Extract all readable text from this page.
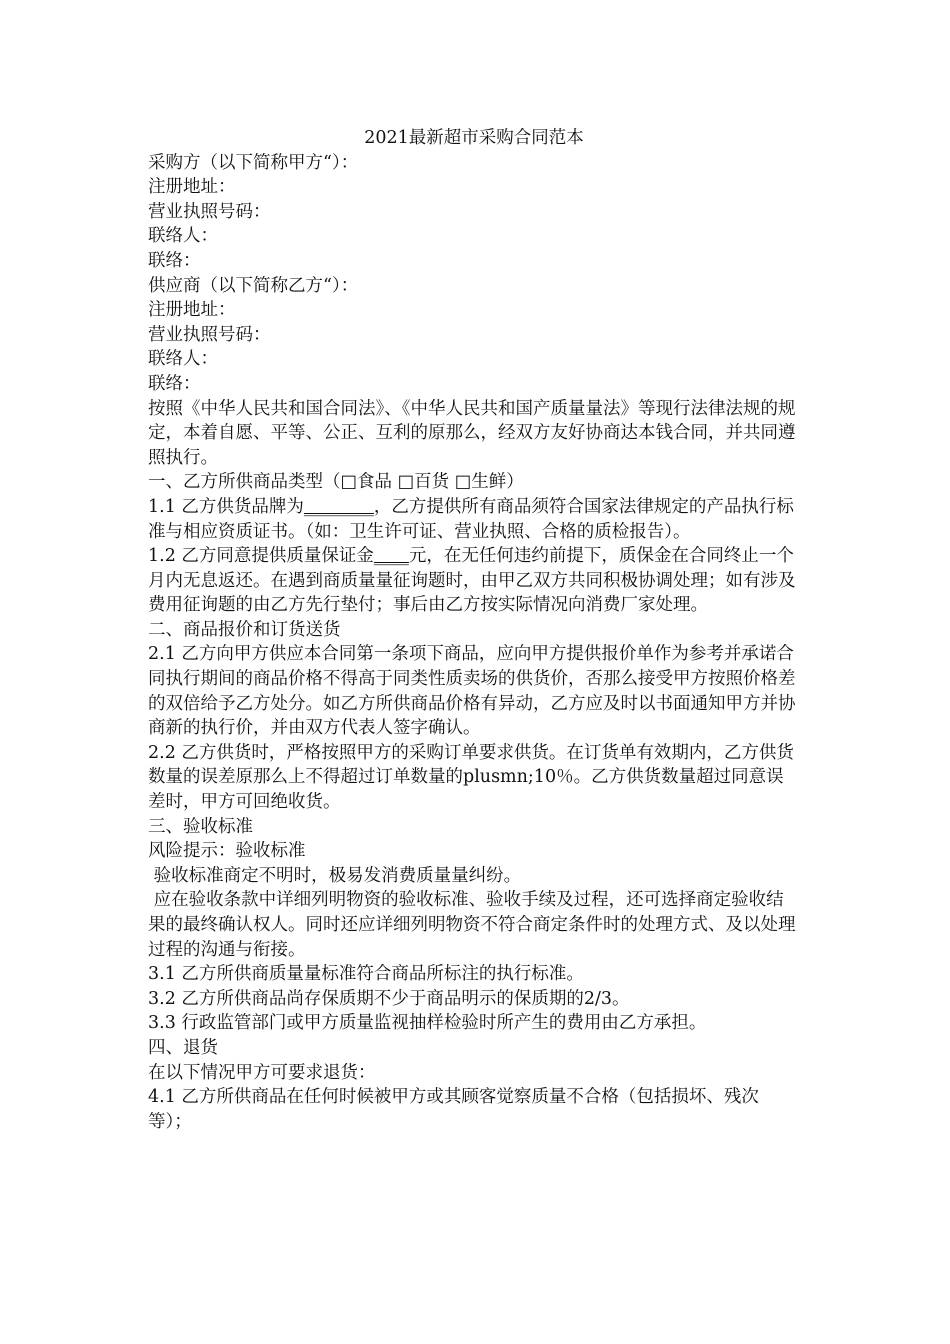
2021最新超市采购合同范本

采购方（以下简称甲方“）：

注册地址：

营业执照号码：

联络人：

联络：

供应商（以下简称乙方“）：

注册地址：

营业执照号码：

联络人：

联络：

按照《中华人民共和国合同法》、《中华人民共和国产质量量法》等现行法律法规的规定，本着自愿、平等、公正、互利的原那么，经双方友好协商达本钱合同，并共同遵照执行。

一、乙方所供商品类型（□食品 □百货 □生鲜）

1.1 乙方供货品牌为________，乙方提供所有商品须符合国家法律规定的产品执行标准与相应资质证书。（如：卫生许可证、营业执照、合格的质检报告）。

1.2 乙方同意提供质量保证金____元，在无任何违约前提下，质保金在合同终止一个月内无息返还。在遇到商质量量征询题时，由甲乙双方共同积极协调处理；如有涉及费用征询题的由乙方先行垫付；事后由乙方按实际情况向消费厂家处理。

二、商品报价和订货送货

2.1 乙方向甲方供应本合同第一条项下商品，应向甲方提供报价单作为参考并承诺合同执行期间的商品价格不得高于同类性质卖场的供货价，否那么接受甲方按照价格差的双倍给予乙方处分。如乙方所供商品价格有异动，乙方应及时以书面通知甲方并协商新的执行价，并由双方代表人签字确认。

2.2 乙方供货时，严格按照甲方的采购订单要求供货。在订货单有效期内，乙方供货数量的误差原那么上不得超过订单数量的plusmn;10％。乙方供货数量超过同意误差时，甲方可回绝收货。

三、验收标准

风险提示：验收标准

验收标准商定不明时，极易发消费质量量纠纷。

应在验收条款中详细列明物资的验收标准、验收手续及过程，还可选择商定验收结果的最终确认权人。同时还应详细列明物资不符合商定条件时的处理方式、及以处理过程的沟通与衔接。

3.1 乙方所供商质量量标准符合商品所标注的执行标准。

3.2 乙方所供商品尚存保质期不少于商品明示的保质期的2/3。

3.3 行政监管部门或甲方质量监视抽样检验时所产生的费用由乙方承担。

四、退货

在以下情况甲方可要求退货：

4.1 乙方所供商品在任何时候被甲方或其顾客觉察质量不合格（包括损坏、残次等）；
